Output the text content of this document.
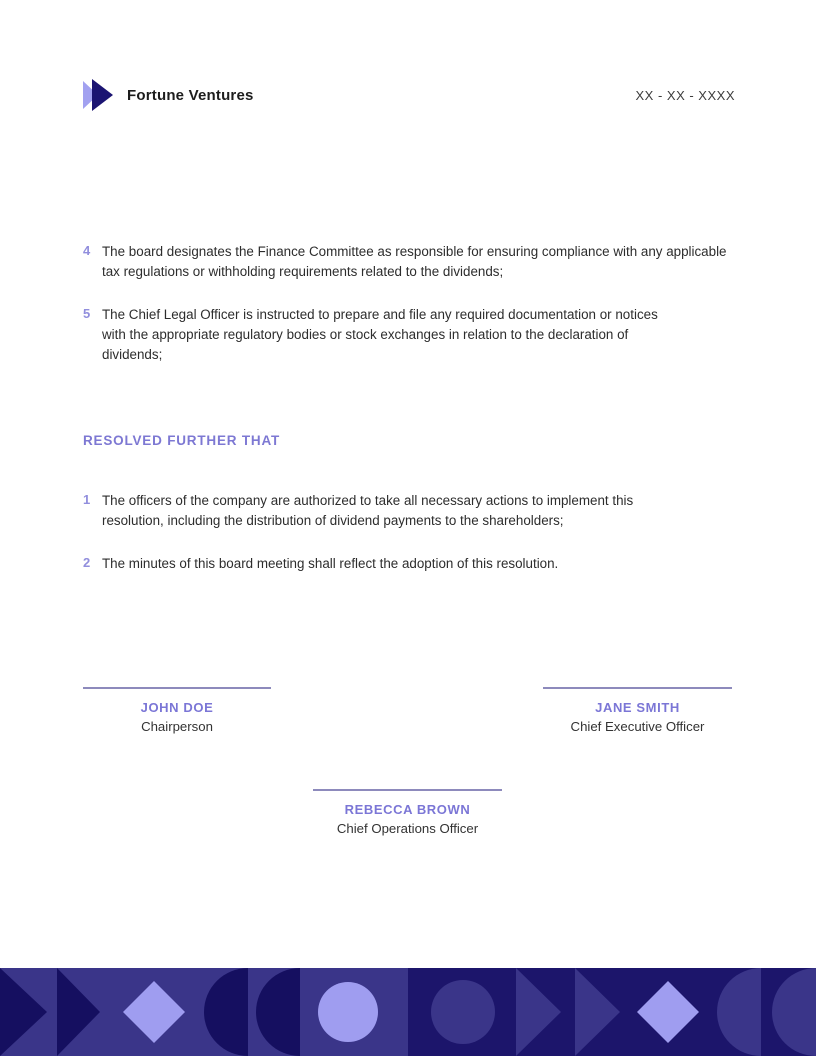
Fortune Ventures	XX - XX - XXXX
4 The board designates the Finance Committee as responsible for ensuring compliance with any applicable tax regulations or withholding requirements related to the dividends;
5 The Chief Legal Officer is instructed to prepare and file any required documentation or notices with the appropriate regulatory bodies or stock exchanges in relation to the declaration of dividends;
RESOLVED FURTHER THAT
1 The officers of the company are authorized to take all necessary actions to implement this resolution, including the distribution of dividend payments to the shareholders;
2 The minutes of this board meeting shall reflect the adoption of this resolution.
JOHN DOE
Chairperson
JANE SMITH
Chief Executive Officer
REBECCA BROWN
Chief Operations Officer
